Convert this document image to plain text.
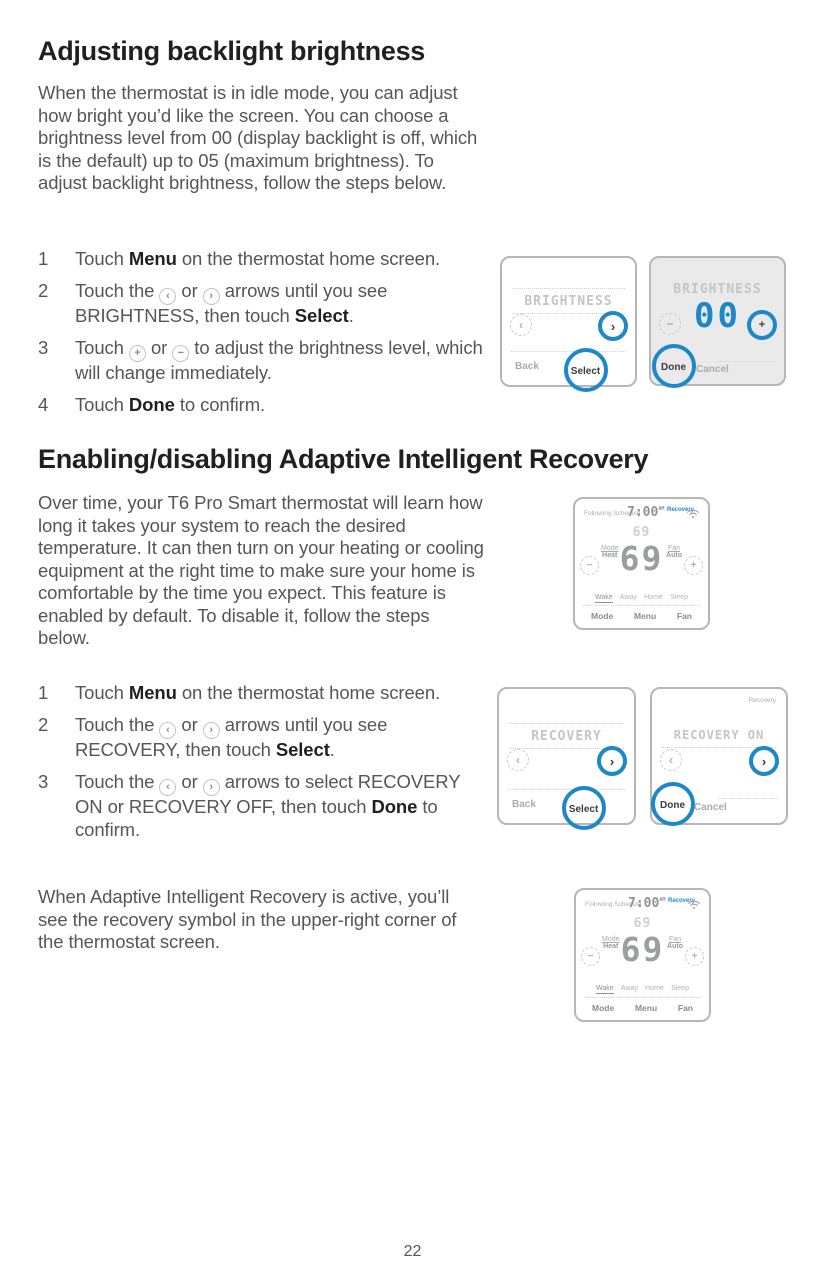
Adjusting backlight brightness
When the thermostat is in idle mode, you can adjust how bright you’d like the screen. You can choose a brightness level from 00 (display backlight is off, which is the default) up to 05 (maximum brightness). To adjust backlight brightness, follow the steps below.
1	Touch Menu on the thermostat home screen.
2	Touch the ‹ or › arrows until you see BRIGHTNESS, then touch Select.
3	Touch + or − to adjust the brightness level, which will change immediately.
4	Touch Done to confirm.
BRIGHTNESS
‹	›
Back	Select
BRIGHTNESS
00
−	+
Done Cancel
Enabling/disabling Adaptive Intelligent Recovery
Over time, your T6 Pro Smart thermostat will learn how long it takes your system to reach the desired temperature. It can then turn on your heating or cooling equipment at the right time to make sure your home is comfortable by the time you expect. This feature is enabled by default. To disable it, follow the steps below.
1	Touch Menu on the thermostat home screen.
2	Touch the ‹ or › arrows until you see RECOVERY, then touch Select.
3	Touch the ‹ or › arrows to select RECOVERY ON or RECOVERY OFF, then touch Done to confirm.
When Adaptive Intelligent Recovery is active, you’ll see the recovery symbol in the upper-right corner of the thermostat screen.
Following Schedule
$7:00^{AM}$ Recovery
69
69
Mode
Heat
Fan
Auto
−	+
Wake Away Home Sleep
Mode Menu Fan
RECOVERY
‹	›
Back	Select
Recovery
RECOVERY ON
‹	›
Done Cancel
Following Schedule
$7:00^{AM}$ Recovery
69
69
Mode
Heat
Fan
Auto
−	+
Wake Away Home Sleep
Mode Menu Fan
22
